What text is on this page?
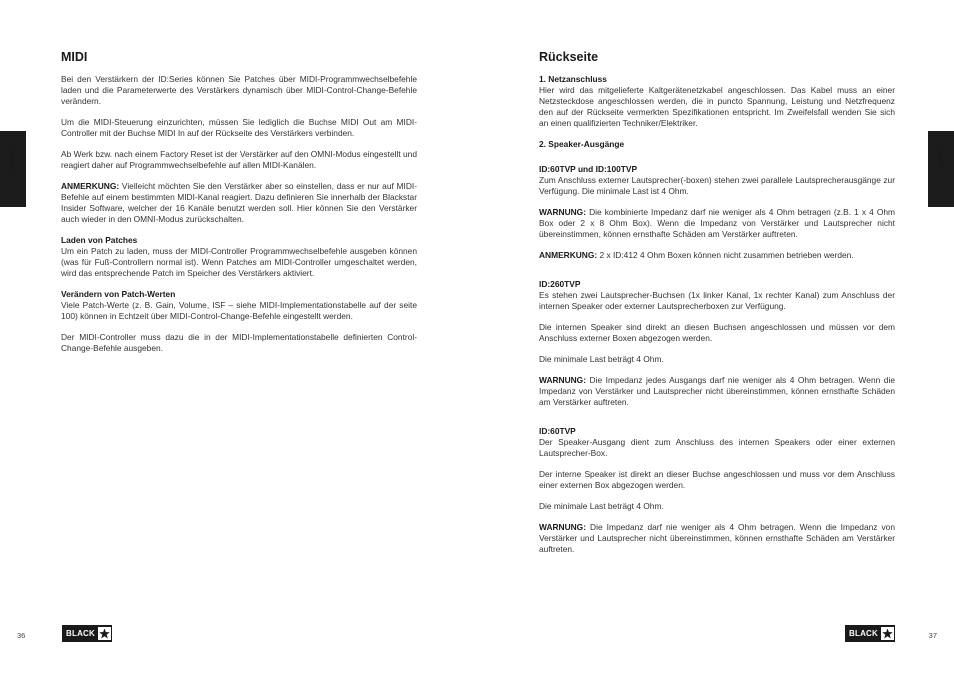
Deutsch
MIDI

Bei den Verstärkern der ID:Series können Sie Patches über MIDI-Programmwechselbefehle laden und die Parameterwerte des Verstärkers dynamisch über MIDI-Control-Change-Befehle verändern.

Um die MIDI-Steuerung einzurichten, müssen Sie lediglich die Buchse MIDI Out am MIDI-Controller mit der Buchse MIDI In auf der Rückseite des Verstärkers verbinden.

Ab Werk bzw. nach einem Factory Reset ist der Verstärker auf den OMNI-Modus eingestellt und reagiert daher auf Programmwechselbefehle auf allen MIDI-Kanälen.

ANMERKUNG: Vielleicht möchten Sie den Verstärker aber so einstellen, dass er nur auf MIDI-Befehle auf einem bestimmten MIDI-Kanal reagiert. Dazu definieren Sie innerhalb der Blackstar Insider Software, welcher der 16 Kanäle benutzt werden soll. Hier können Sie den Verstärker auch wieder in den OMNI-Modus zurückschalten.

Laden von Patches

Um ein Patch zu laden, muss der MIDI-Controller Programmwechselbefehle ausgeben können (was für Fuß-Controllern normal ist). Wenn Patches am MIDI-Controller umgeschaltet werden, wird das entsprechende Patch im Speicher des Verstärkers aktiviert.

Verändern von Patch-Werten

Viele Patch-Werte (z. B. Gain, Volume, ISF – siehe MIDI-Implementationstabelle auf der seite 100) können in Echtzeit über MIDI-Control-Change-Befehle eingestellt werden.

Der MIDI-Controller muss dazu die in der MIDI-Implementationstabelle definierten Control-Change-Befehle ausgeben.

36	BLACK
Deutsch
Rückseite
1. Netzanschluss

Hier wird das mitgelieferte Kaltgerätenetzkabel angeschlossen. Das Kabel muss an einer Netzsteckdose angeschlossen werden, die in puncto Spannung, Leistung und Netzfrequenz den auf der Rückseite vermerkten Spezifikationen entspricht. Im Zweifelsfall wenden Sie sich an einen qualifizierten Techniker/Elektriker.

2. Speaker-Ausgänge
ID:60TVP und ID:100TVP

Zum Anschluss externer Lautsprecher(-boxen) stehen zwei parallele Lautsprecherausgänge zur Verfügung. Die minimale Last ist 4 Ohm.

WARNUNG: Die kombinierte Impedanz darf nie weniger als 4 Ohm betragen (z.B. 1 x 4 Ohm Box oder 2 x 8 Ohm Box). Wenn die Impedanz von Verstärker und Lautsprecher nicht übereinstimmen, können ernsthafte Schäden am Verstärker auftreten.

ANMERKUNG: 2 x ID:412 4 Ohm Boxen können nicht zusammen betrieben werden.

ID:260TVP

Es stehen zwei Lautsprecher-Buchsen (1x linker Kanal, 1x rechter Kanal) zum Anschluss der internen Speaker oder externer Lautsprecherboxen zur Verfügung.

Die internen Speaker sind direkt an diesen Buchsen angeschlossen und müssen vor dem Anschluss externer Boxen abgezogen werden.

Die minimale Last beträgt 4 Ohm.

WARNUNG: Die Impedanz jedes Ausgangs darf nie weniger als 4 Ohm betragen. Wenn die Impedanz von Verstärker und Lautsprecher nicht übereinstimmen, können ernsthafte Schäden am Verstärker auftreten.

ID:60TVP

Der Speaker-Ausgang dient zum Anschluss des internen Speakers oder einer externen Lautsprecher-Box.

Der interne Speaker ist direkt an dieser Buchse angeschlossen und muss vor dem Anschluss einer externen Box abgezogen werden.

Die minimale Last beträgt 4 Ohm.

WARNUNG: Die Impedanz darf nie weniger als 4 Ohm betragen. Wenn die Impedanz von Verstärker und Lautsprecher nicht übereinstimmen, können ernsthafte Schäden am Verstärker auftreten.

37
BLACK
